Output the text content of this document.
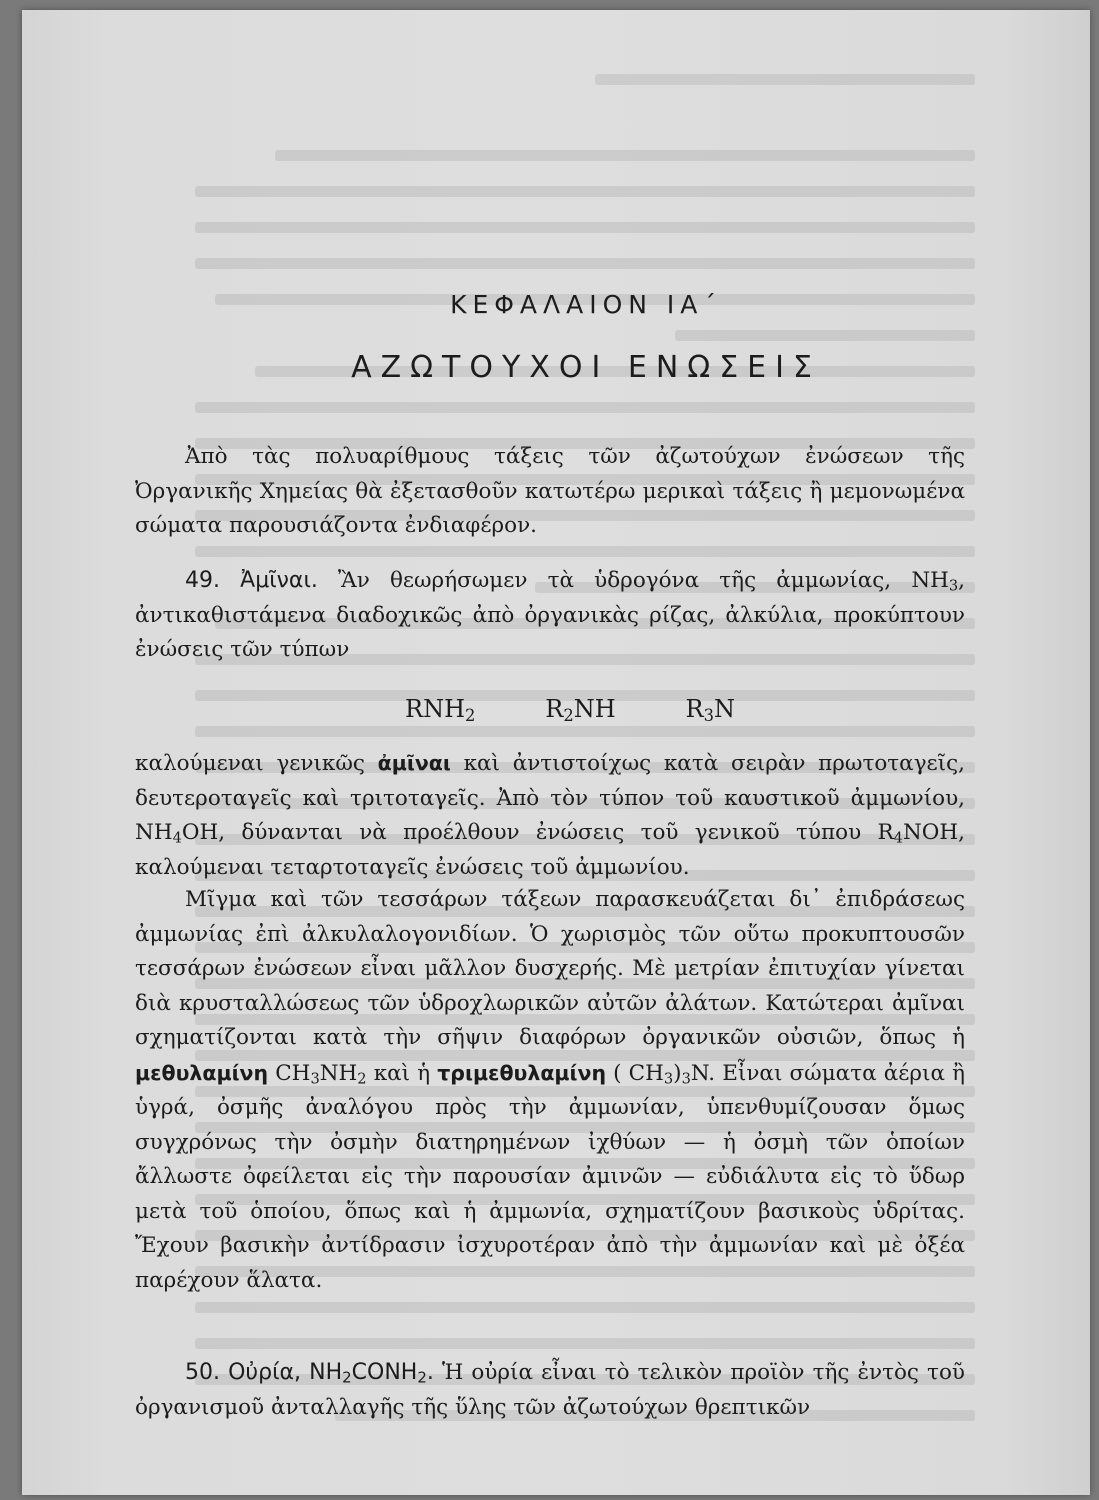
ΚΕΦΑΛΑΙΟΝ ΙΑ΄
ΑΖΩΤΟΥΧΟΙ ΕΝΩΣΕΙΣ

Ἀπὸ τὰς πολυαρίθμους τάξεις τῶν ἀζωτούχων ἐνώσεων τῆς Ὀργανικῆς Χημείας θὰ ἐξετασθοῦν κατωτέρω μερικαὶ τάξεις ἢ μεμονωμένα σώματα παρουσιάζοντα ἐνδιαφέρον.

49. Ἀμῖναι. Ἂν θεωρήσωμεν τὰ ὑδρογόνα τῆς ἀμμωνίας, $NH_3$, ἀντικαθιστάμενα διαδοχικῶς ἀπὸ ὀργανικὰς ρίζας, ἀλκύλια, προκύπτουν ἐνώσεις τῶν τύπων

$RNH_2$	$R_2NH$	$R_3N$

καλούμεναι γενικῶς ἀμῖναι καὶ ἀντιστοίχως κατὰ σειρὰν πρωτοταγεῖς, δευτεροταγεῖς καὶ τριτοταγεῖς. Ἀπὸ τὸν τύπον τοῦ καυστικοῦ ἀμμωνίου, $NH_4OH$, δύνανται νὰ προέλθουν ἐνώσεις τοῦ γενικοῦ τύπου $R_4NOH$, καλούμεναι τεταρτοταγεῖς ἐνώσεις τοῦ ἀμμωνίου.

Μῖγμα καὶ τῶν τεσσάρων τάξεων παρασκευάζεται δι᾽ ἐπιδράσεως ἀμμωνίας ἐπὶ ἀλκυλαλογονιδίων. Ὁ χωρισμὸς τῶν οὕτω προκυπτουσῶν τεσσάρων ἐνώσεων εἶναι μᾶλλον δυσχερής. Μὲ μετρίαν ἐπιτυχίαν γίνεται διὰ κρυσταλλώσεως τῶν ὑδροχλωρικῶν αὐτῶν ἀλάτων. Κατώτεραι ἀμῖναι σχηματίζονται κατὰ τὴν σῆψιν διαφόρων ὀργανικῶν οὐσιῶν, ὅπως ἡ μεθυλαμίνη $CH_3NH_2$ καὶ ἡ τριμεθυλαμίνη ( $CH_3)_3N$. Εἶναι σώματα ἀέρια ἢ ὑγρά, ὀσμῆς ἀναλόγου πρὸς τὴν ἀμμωνίαν, ὑπενθυμίζουσαν ὅμως συγχρόνως τὴν ὀσμὴν διατηρημένων ἰχθύων — ἡ ὀσμὴ τῶν ὁποίων ἄλλωστε ὀφείλεται εἰς τὴν παρουσίαν ἀμινῶν — εὐδιάλυτα εἰς τὸ ὕδωρ μετὰ τοῦ ὁποίου, ὅπως καὶ ἡ ἀμμωνία, σχηματίζουν βασικοὺς ὑδρίτας. Ἔχουν βασικὴν ἀντίδρασιν ἰσχυροτέραν ἀπὸ τὴν ἀμμωνίαν καὶ μὲ ὀξέα παρέχουν ἅλατα.

50. Οὐρία, $NH_2CONH_2$. Ἡ οὐρία εἶναι τὸ τελικὸν προϊὸν τῆς ἐντὸς τοῦ ὀργανισμοῦ ἀνταλλαγῆς τῆς ὕλης τῶν ἀζωτούχων θρεπτικῶν
